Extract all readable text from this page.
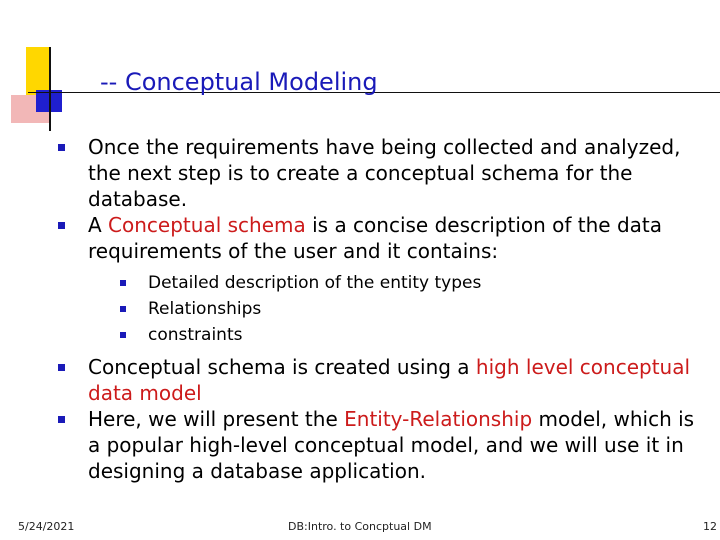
-- Conceptual Modeling
Once the requirements have being collected and analyzed, the next step is to create a conceptual schema for the database.
A Conceptual schema is a concise description of the data requirements of the user and it contains:
Detailed description of the entity types
Relationships
constraints
Conceptual schema is created using a high level conceptual data model
Here, we will present the Entity-Relationship model, which is a popular high-level conceptual model, and we will use it in designing a database application.
5/24/2021	DB:Intro. to Concptual DM	12
